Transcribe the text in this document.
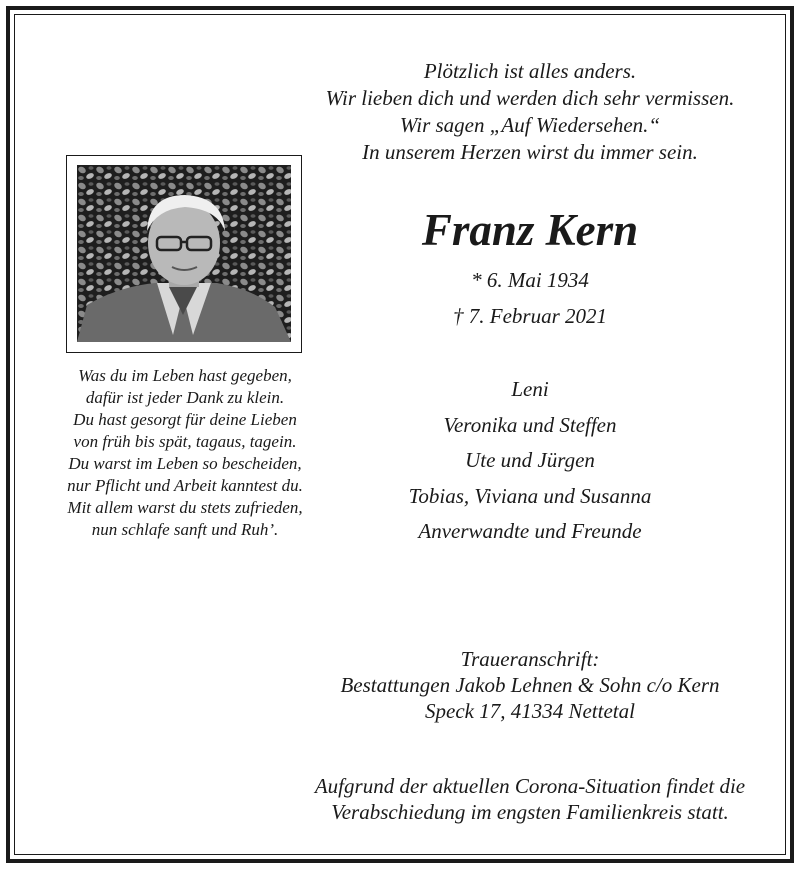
Plötzlich ist alles anders.
Wir lieben dich und werden dich sehr vermissen.
Wir sagen „Auf Wiedersehen.“
In unserem Herzen wirst du immer sein.
Franz Kern
* 6. Mai 1934
† 7. Februar 2021
Was du im Leben hast gegeben,
dafür ist jeder Dank zu klein.
Du hast gesorgt für deine Lieben
von früh bis spät, tagaus, tagein.
Du warst im Leben so bescheiden,
nur Pflicht und Arbeit kanntest du.
Mit allem warst du stets zufrieden,
nun schlafe sanft und Ruh’.
Leni
Veronika und Steffen
Ute und Jürgen
Tobias, Viviana und Susanna
Anverwandte und Freunde
Traueranschrift:
Bestattungen Jakob Lehnen & Sohn c/o Kern
Speck 17, 41334 Nettetal
Aufgrund der aktuellen Corona-Situation findet die
Verabschiedung im engsten Familienkreis statt.
